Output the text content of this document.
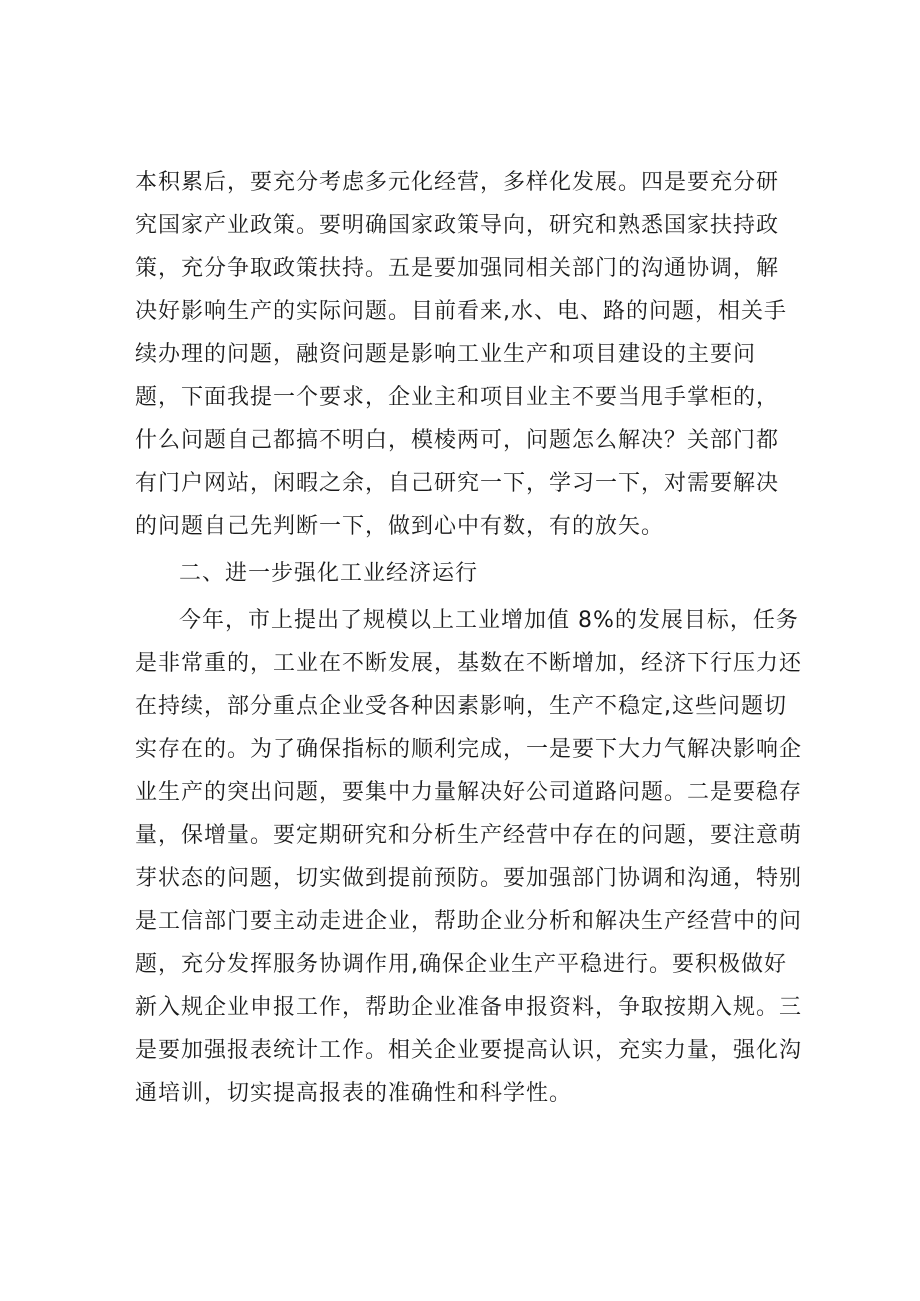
本积累后，要充分考虑多元化经营，多样化发展。四是要充分研
究国家产业政策。要明确国家政策导向，研究和熟悉国家扶持政
策，充分争取政策扶持。五是要加强同相关部门的沟通协调，解
决好影响生产的实际问题。目前看来,水、电、路的问题，相关手
续办理的问题，融资问题是影响工业生产和项目建设的主要问
题，下面我提一个要求，企业主和项目业主不要当甩手掌柜的，
什么问题自己都搞不明白，模棱两可，问题怎么解决？关部门都
有门户网站，闲暇之余，自己研究一下，学习一下，对需要解决
的问题自己先判断一下，做到心中有数，有的放矢。
二、进一步强化工业经济运行
今年，市上提出了规模以上工业增加值 8%的发展目标，任务
是非常重的，工业在不断发展，基数在不断增加，经济下行压力还
在持续，部分重点企业受各种因素影响，生产不稳定,这些问题切
实存在的。为了确保指标的顺利完成，一是要下大力气解决影响企
业生产的突出问题，要集中力量解决好公司道路问题。二是要稳存
量，保增量。要定期研究和分析生产经营中存在的问题，要注意萌
芽状态的问题，切实做到提前预防。要加强部门协调和沟通，特别
是工信部门要主动走进企业，帮助企业分析和解决生产经营中的问
题，充分发挥服务协调作用,确保企业生产平稳进行。要积极做好
新入规企业申报工作，帮助企业准备申报资料，争取按期入规。三
是要加强报表统计工作。相关企业要提高认识，充实力量，强化沟
通培训，切实提高报表的准确性和科学性。
